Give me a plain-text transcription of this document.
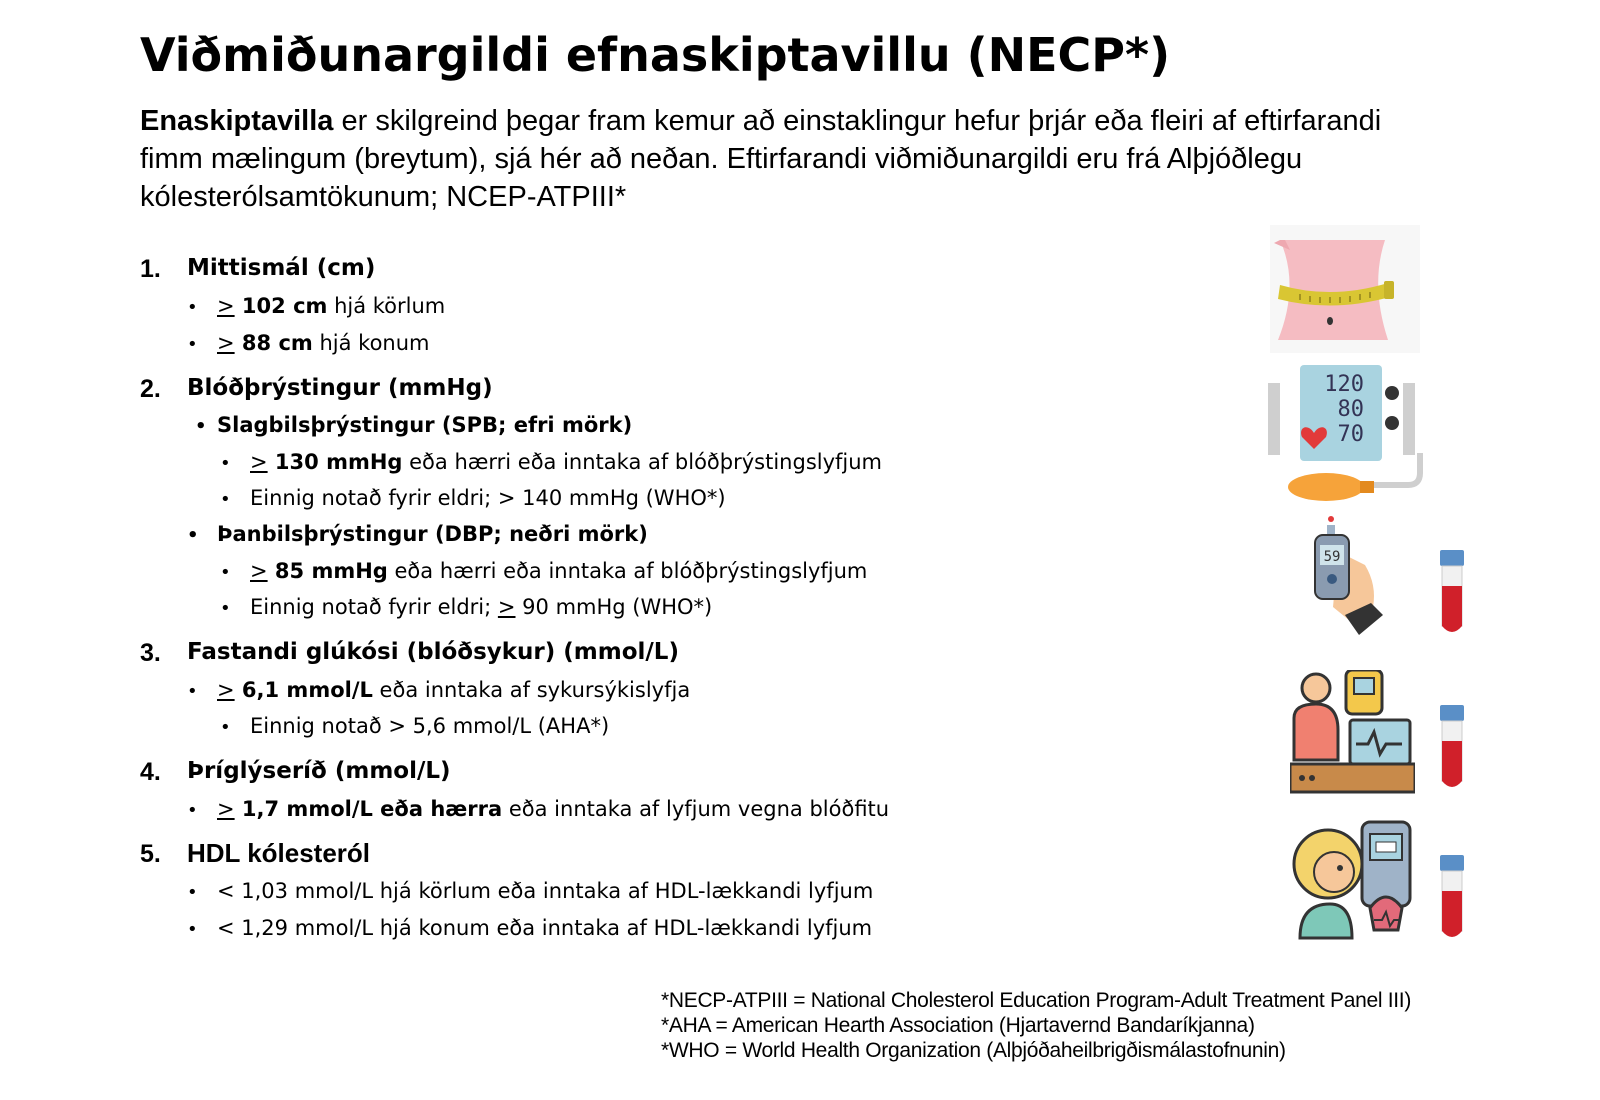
Viðmiðunargildi efnaskiptavillu (NECP*)
Enaskiptavilla er skilgreind þegar fram kemur að einstaklingur hefur þrjár eða fleiri af eftirfarandi fimm mælingum (breytum), sjá hér að neðan. Eftirfarandi viðmiðunargildi eru frá Alþjóðlegu kólesterólsamtökunum; NCEP-ATPIII*
1. Mittismál (cm)
• > 102 cm hjá körlum
• > 88 cm hjá konum
2. Blóðþrýstingur (mmHg)
• Slagbilsþrýstingur (SPB; efri mörk)
• > 130 mmHg eða hærri eða inntaka af blóðþrýstingslyfjum
• Einnig notað fyrir eldri; > 140 mmHg (WHO*)
• Þanbilsþrýstingur (DBP; neðri mörk)
• > 85 mmHg eða hærri eða inntaka af blóðþrýstingslyfjum
• Einnig notað fyrir eldri; > 90 mmHg (WHO*)
3. Fastandi glúkósi (blóðsykur) (mmol/L)
• > 6,1 mmol/L eða inntaka af sykursýkislyfja
• Einnig notað > 5,6 mmol/L (AHA*)
4. Þríglýseríð (mmol/L)
• > 1,7 mmol/L eða hærra eða inntaka af lyfjum vegna blóðfitu
5. HDL kólesteról
• < 1,03 mmol/L hjá körlum eða inntaka af HDL-lækkandi lyfjum
• < 1,29 mmol/L hjá konum eða inntaka af HDL-lækkandi lyfjum
*NECP-ATPIII = National Cholesterol Education Program-Adult Treatment Panel III)
*AHA = American Hearth Association (Hjartavernd Bandaríkjanna)
*WHO = World Health Organization (Alþjóðaheilbrigðismálastofnunin)
120
80
70
59
